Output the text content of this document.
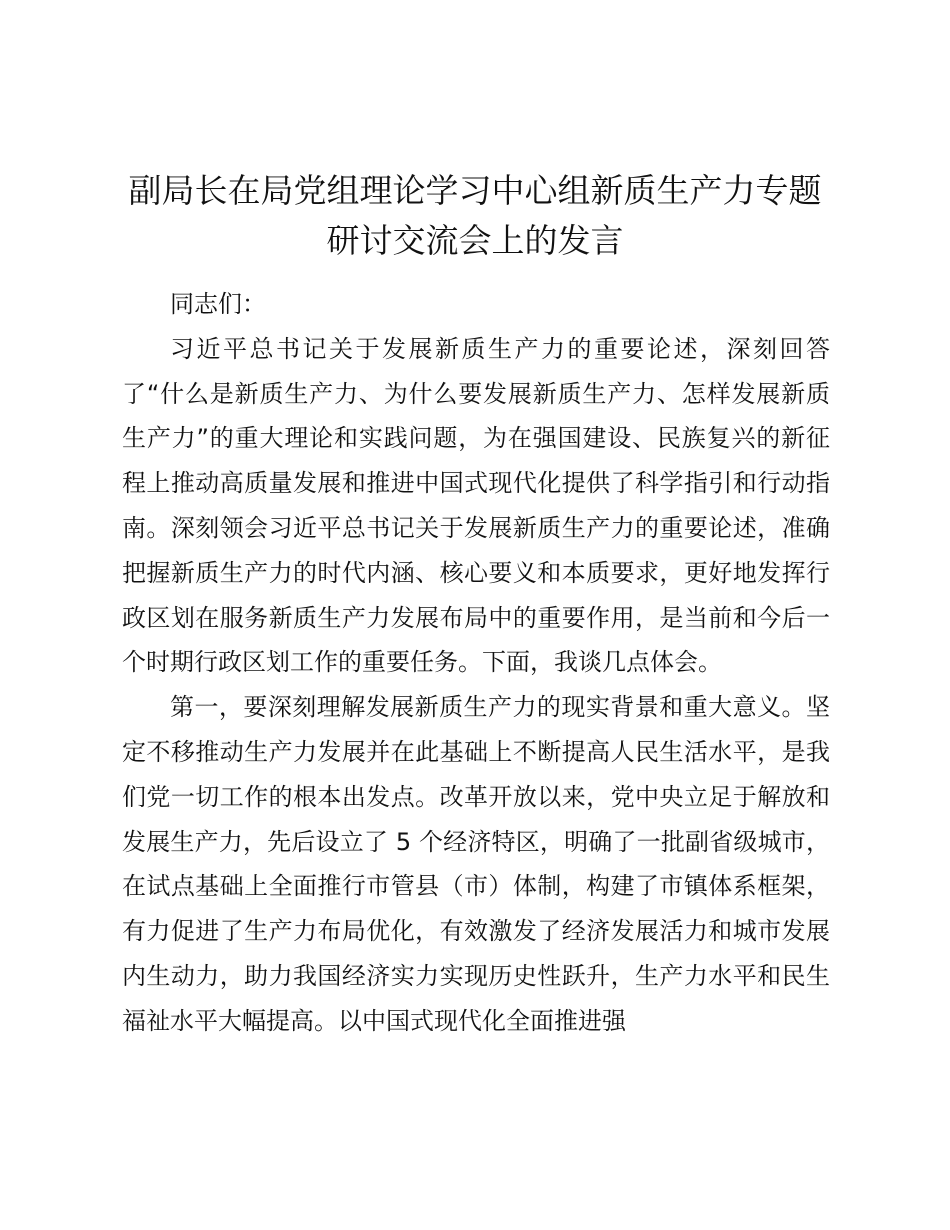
副局长在局党组理论学习中心组新质生产力专题研讨交流会上的发言

同志们：

习近平总书记关于发展新质生产力的重要论述，深刻回答了“什么是新质生产力、为什么要发展新质生产力、怎样发展新质生产力”的重大理论和实践问题，为在强国建设、民族复兴的新征程上推动高质量发展和推进中国式现代化提供了科学指引和行动指南。深刻领会习近平总书记关于发展新质生产力的重要论述，准确把握新质生产力的时代内涵、核心要义和本质要求，更好地发挥行政区划在服务新质生产力发展布局中的重要作用，是当前和今后一个时期行政区划工作的重要任务。下面，我谈几点体会。

第一，要深刻理解发展新质生产力的现实背景和重大意义。坚定不移推动生产力发展并在此基础上不断提高人民生活水平，是我们党一切工作的根本出发点。改革开放以来，党中央立足于解放和发展生产力，先后设立了 5 个经济特区，明确了一批副省级城市，在试点基础上全面推行市管县（市）体制，构建了市镇体系框架，有力促进了生产力布局优化，有效激发了经济发展活力和城市发展内生动力，助力我国经济实力实现历史性跃升，生产力水平和民生福祉水平大幅提高。以中国式现代化全面推进强
